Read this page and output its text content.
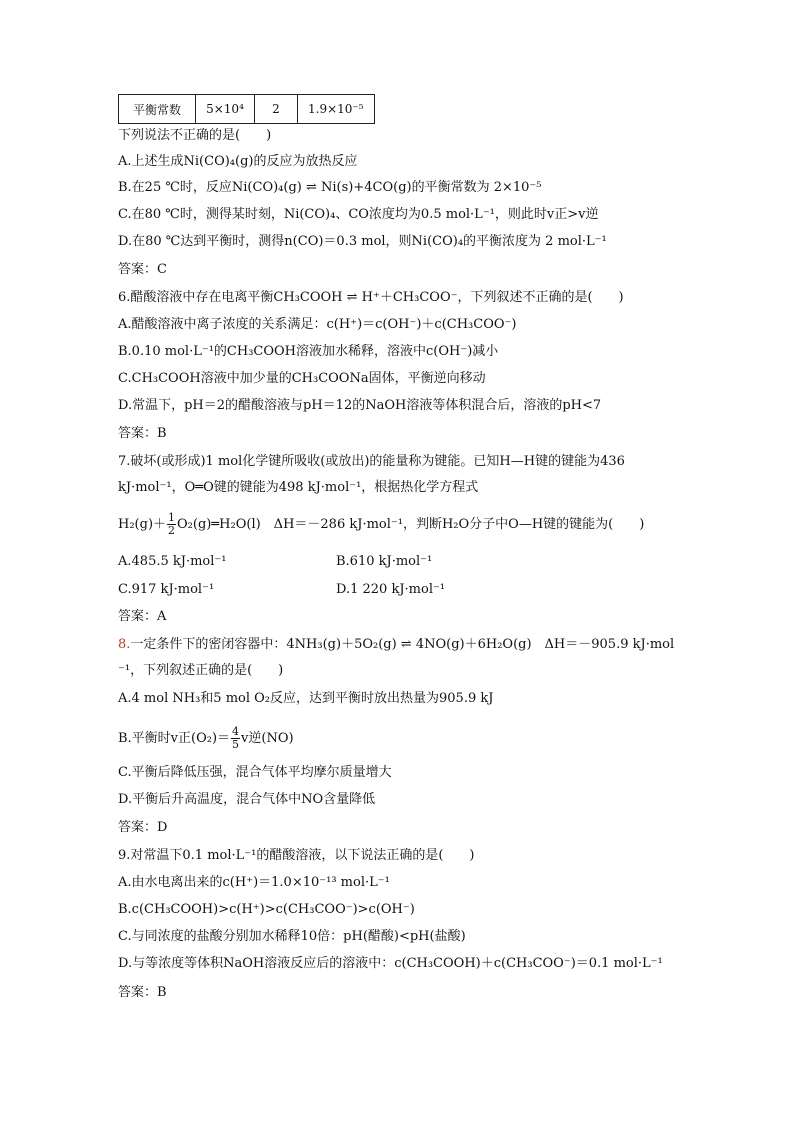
平衡常数	5×10⁴	2	1.9×10⁻⁵
下列说法不正确的是(　　)
A.上述生成Ni(CO)₄(g)的反应为放热反应
B.在25 ℃时，反应Ni(CO)₄(g) ⇌ Ni(s)+4CO(g)的平衡常数为 2×10⁻⁵
C.在80 ℃时，测得某时刻，Ni(CO)₄、CO浓度均为0.5 mol·L⁻¹，则此时v正>v逆
D.在80 ℃达到平衡时，测得n(CO)＝0.3 mol，则Ni(CO)₄的平衡浓度为 2 mol·L⁻¹
答案：C
6.醋酸溶液中存在电离平衡CH₃COOH ⇌ H⁺＋CH₃COO⁻，下列叙述不正确的是(　　)
A.醋酸溶液中离子浓度的关系满足：c(H⁺)＝c(OH⁻)＋c(CH₃COO⁻)
B.0.10 mol·L⁻¹的CH₃COOH溶液加水稀释，溶液中c(OH⁻)减小
C.CH₃COOH溶液中加少量的CH₃COONa固体，平衡逆向移动
D.常温下，pH＝2的醋酸溶液与pH＝12的NaOH溶液等体积混合后，溶液的pH<7
答案：B
7.破坏(或形成)1 mol化学键所吸收(或放出)的能量称为键能。已知H—H键的键能为436
kJ·mol⁻¹，O═O键的键能为498 kJ·mol⁻¹，根据热化学方程式
$H_2(g)+ \frac{1}{2}$ O₂(g)═H₂O(l)　ΔH＝－286 kJ·mol⁻¹，判断H₂O分子中O—H键的键能为(　　)
A.485.5 kJ·mol⁻¹	B.610 kJ·mol⁻¹
C.917 kJ·mol⁻¹	D.1 220 kJ·mol⁻¹
答案：A
8.一定条件下的密闭容器中：4NH₃(g)＋5O₂(g) ⇌ 4NO(g)＋6H₂O(g)　ΔH＝－905.9 kJ·mol
⁻¹，下列叙述正确的是(　　)
A.4 mol NH₃和5 mol O₂反应，达到平衡时放出热量为905.9 kJ
B.平衡时v正$(O_2)= \frac{4}{5}$ v逆(NO)
C.平衡后降低压强，混合气体平均摩尔质量增大
D.平衡后升高温度，混合气体中NO含量降低
答案：D
9.对常温下0.1 mol·L⁻¹的醋酸溶液，以下说法正确的是(　　)
A.由水电离出来的c(H⁺)＝1.0×10⁻¹³ mol·L⁻¹
B.c(CH₃COOH)>c(H⁺)>c(CH₃COO⁻)>c(OH⁻)
C.与同浓度的盐酸分别加水稀释10倍：pH(醋酸)<pH(盐酸)
D.与等浓度等体积NaOH溶液反应后的溶液中：c(CH₃COOH)＋c(CH₃COO⁻)＝0.1 mol·L⁻¹
答案：B
